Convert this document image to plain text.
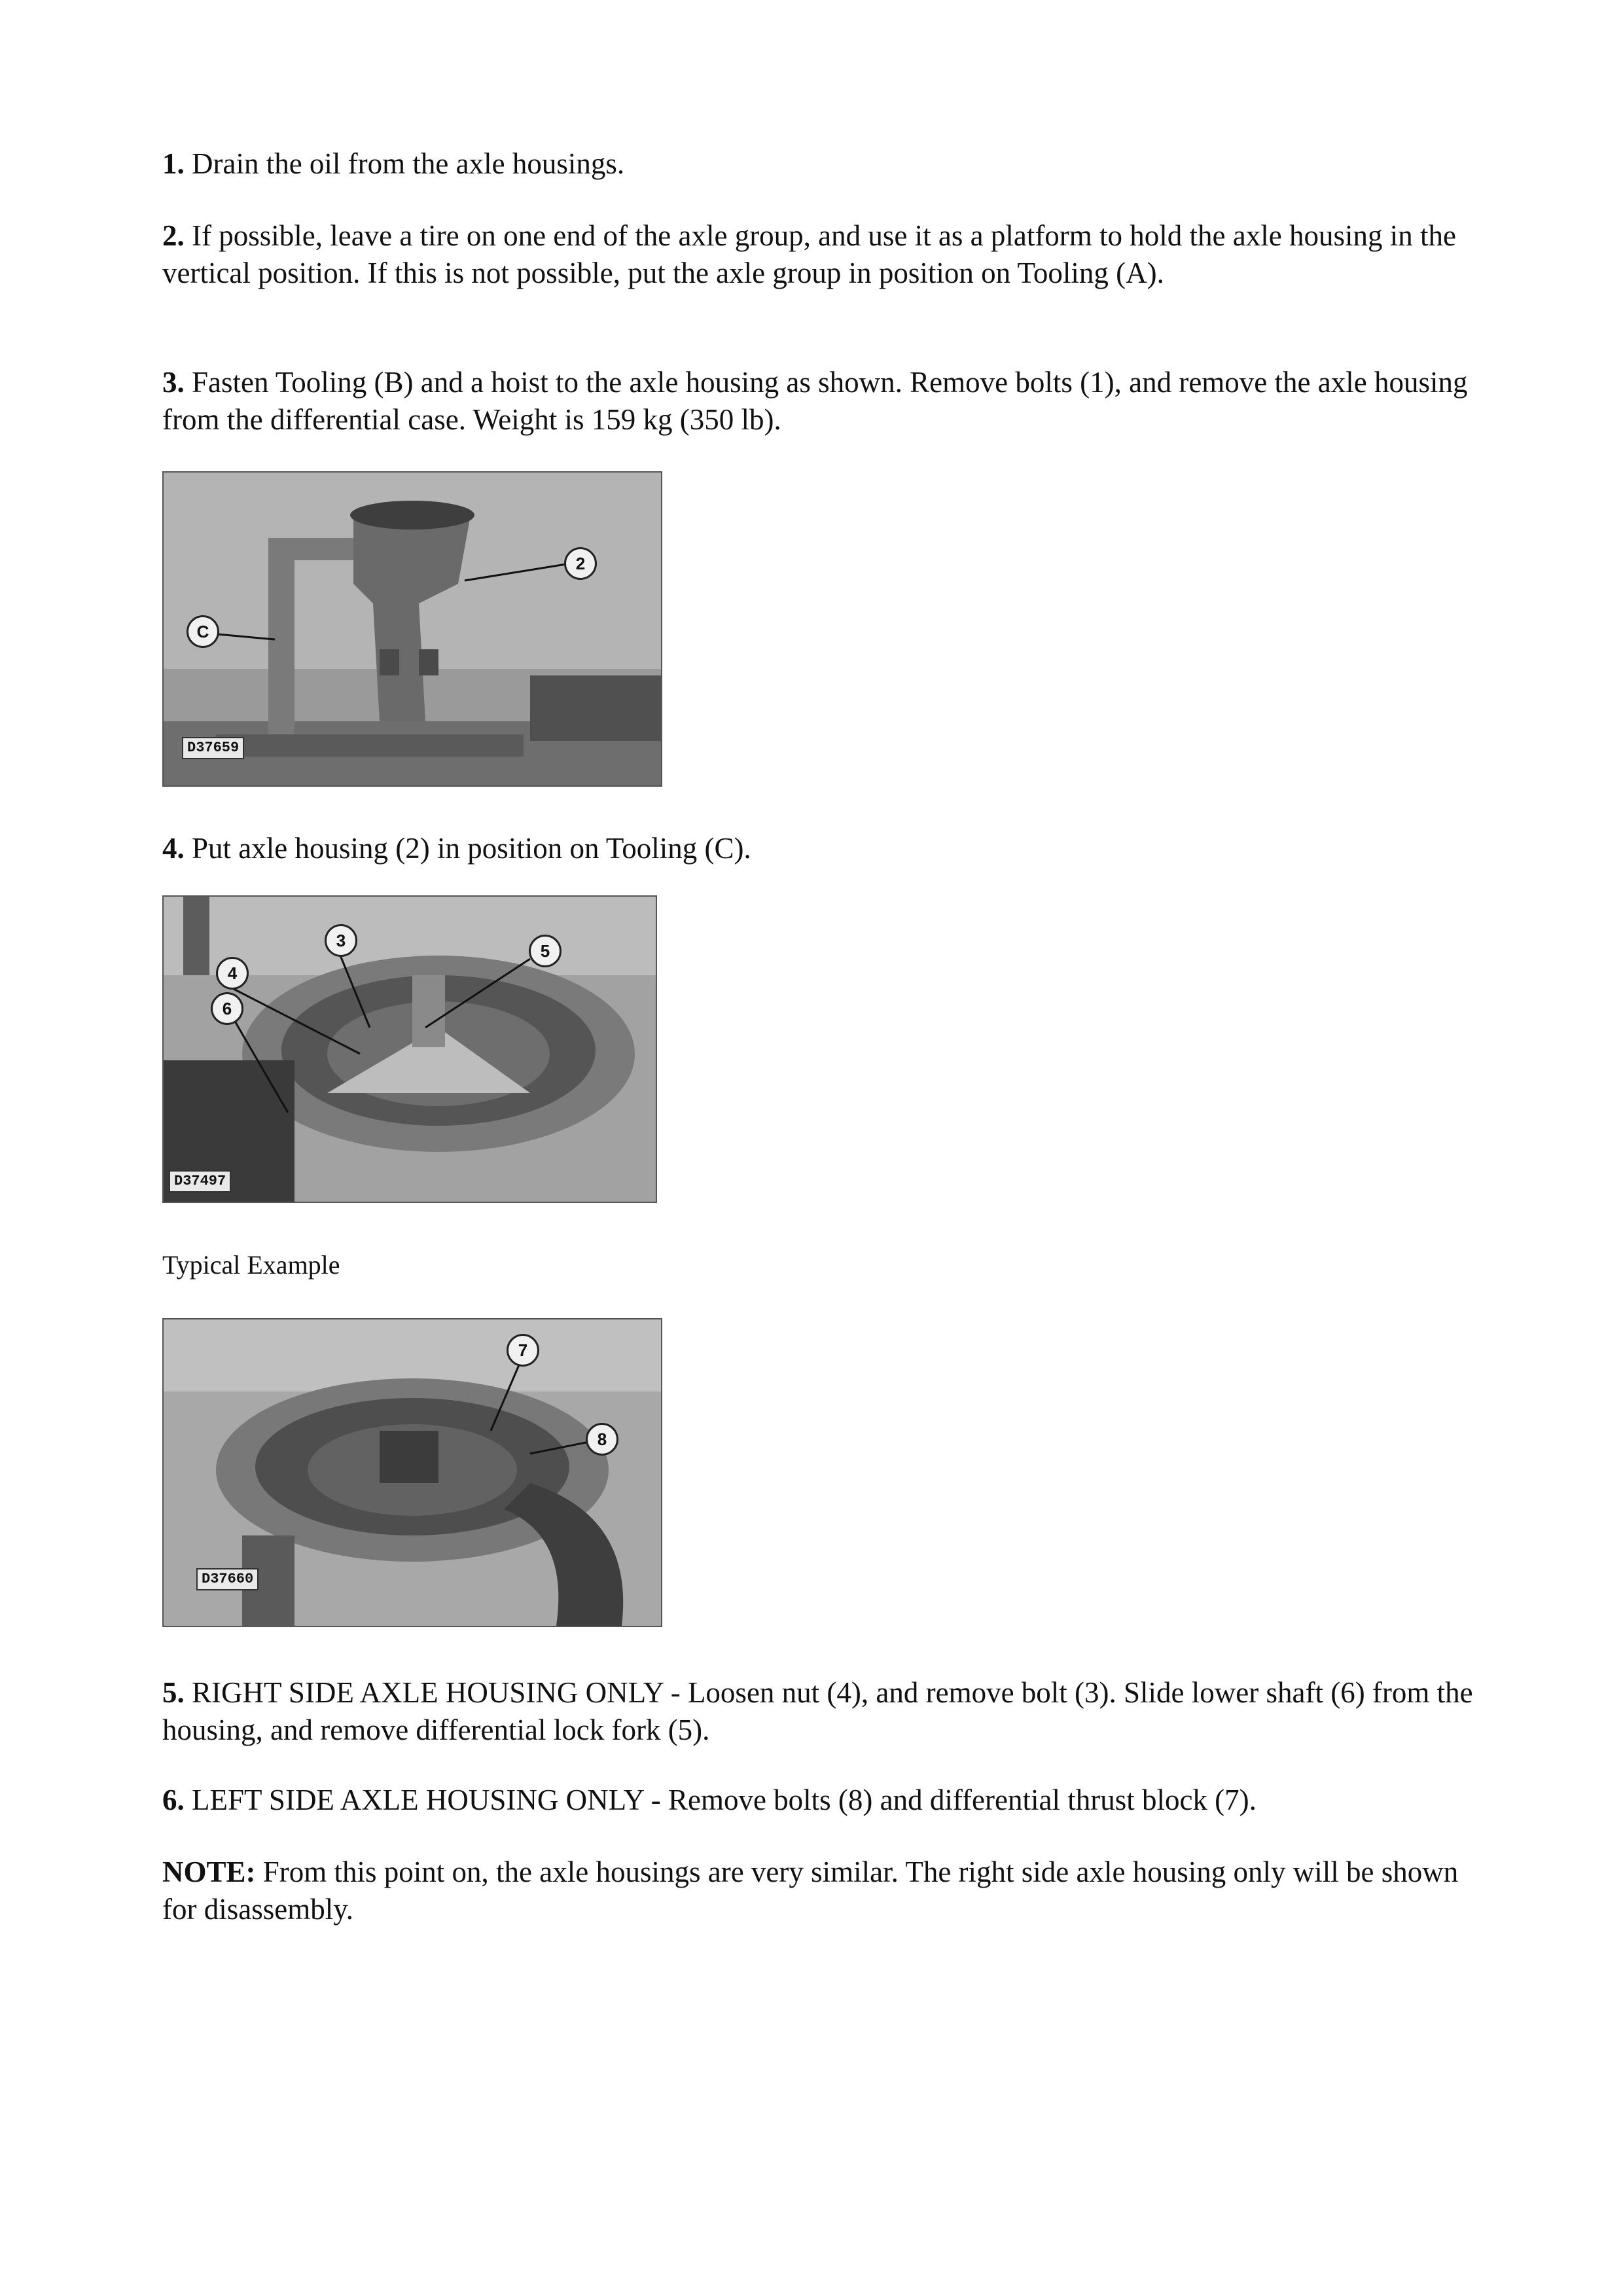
1. Drain the oil from the axle housings.

2. If possible, leave a tire on one end of the axle group, and use it as a platform to hold the axle housing in the vertical position. If this is not possible, put the axle group in position on Tooling (A).

3. Fasten Tooling (B) and a hoist to the axle housing as shown. Remove bolts (1), and remove the axle housing from the differential case. Weight is 159 kg (350 lb).

C
2
D37659

4. Put axle housing (2) in position on Tooling (C).

3
4
5
6
D37497
Typical Example
7
8
D37660

5. RIGHT SIDE AXLE HOUSING ONLY - Loosen nut (4), and remove bolt (3). Slide lower shaft (6) from the housing, and remove differential lock fork (5).

6. LEFT SIDE AXLE HOUSING ONLY - Remove bolts (8) and differential thrust block (7).

NOTE: From this point on, the axle housings are very similar. The right side axle housing only will be shown for disassembly.
